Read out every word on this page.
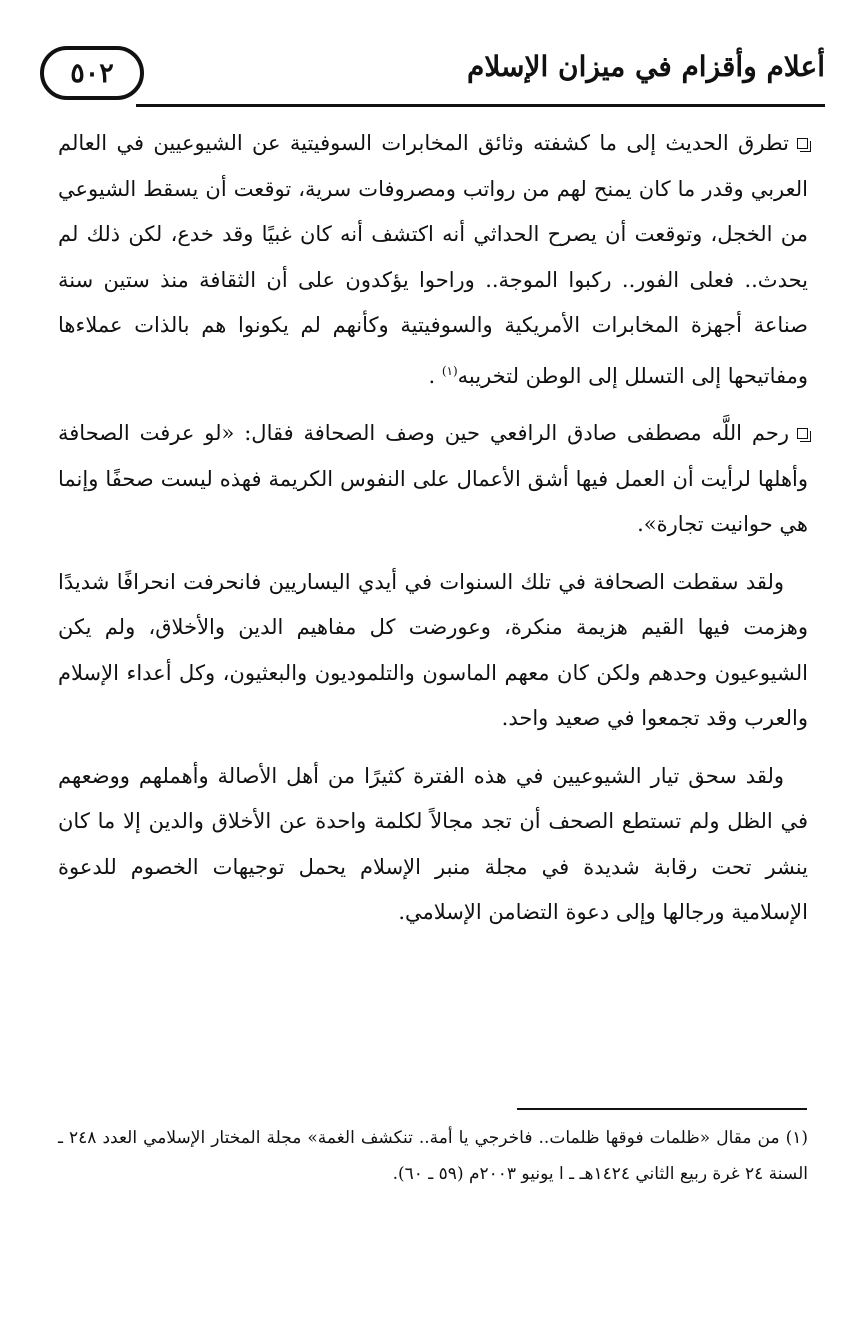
٥٠٢	أعلام وأقزام في ميزان الإسلام

تطرق الحديث إلى ما كشفته وثائق المخابرات السوفيتية عن الشيوعيين في العالم العربي وقدر ما كان يمنح لهم من رواتب ومصروفات سرية، توقعت أن يسقط الشيوعي من الخجل، وتوقعت أن يصرح الحداثي أنه اكتشف أنه كان غبيًا وقد خدع، لكن ذلك لم يحدث.. فعلى الفور.. ركبوا الموجة.. وراحوا يؤكدون على أن الثقافة منذ ستين سنة صناعة أجهزة المخابرات الأمريكية والسوفيتية وكأنهم لم يكونوا هم بالذات عملاءها ومفاتيحها إلى التسلل إلى الوطن لتخريبه$^{(١)}$ .

رحم اللَّه مصطفى صادق الرافعي حين وصف الصحافة فقال: «لو عرفت الصحافة وأهلها لرأيت أن العمل فيها أشق الأعمال على النفوس الكريمة فهذه ليست صحفًا وإنما هي حوانيت تجارة».

ولقد سقطت الصحافة في تلك السنوات في أيدي اليساريين فانحرفت انحرافًا شديدًا وهزمت فيها القيم هزيمة منكرة، وعورضت كل مفاهيم الدين والأخلاق، ولم يكن الشيوعيون وحدهم ولكن كان معهم الماسون والتلموديون والبعثيون، وكل أعداء الإسلام والعرب وقد تجمعوا في صعيد واحد.

ولقد سحق تيار الشيوعيين في هذه الفترة كثيرًا من أهل الأصالة وأهملهم ووضعهم في الظل ولم تستطع الصحف أن تجد مجالاً لكلمة واحدة عن الأخلاق والدين إلا ما كان ينشر تحت رقابة شديدة في مجلة منبر الإسلام يحمل توجيهات الخصوم للدعوة الإسلامية ورجالها وإلى دعوة التضامن الإسلامي.

(١) من مقال «ظلمات فوقها ظلمات.. فاخرجي يا أمة.. تنكشف الغمة» مجلة المختار الإسلامي العدد ٢٤٨ ـ السنة ٢٤ غرة ربيع الثاني ١٤٢٤هـ ـ ا يونيو ٢٠٠٣م (٥٩ ـ ٦٠).
